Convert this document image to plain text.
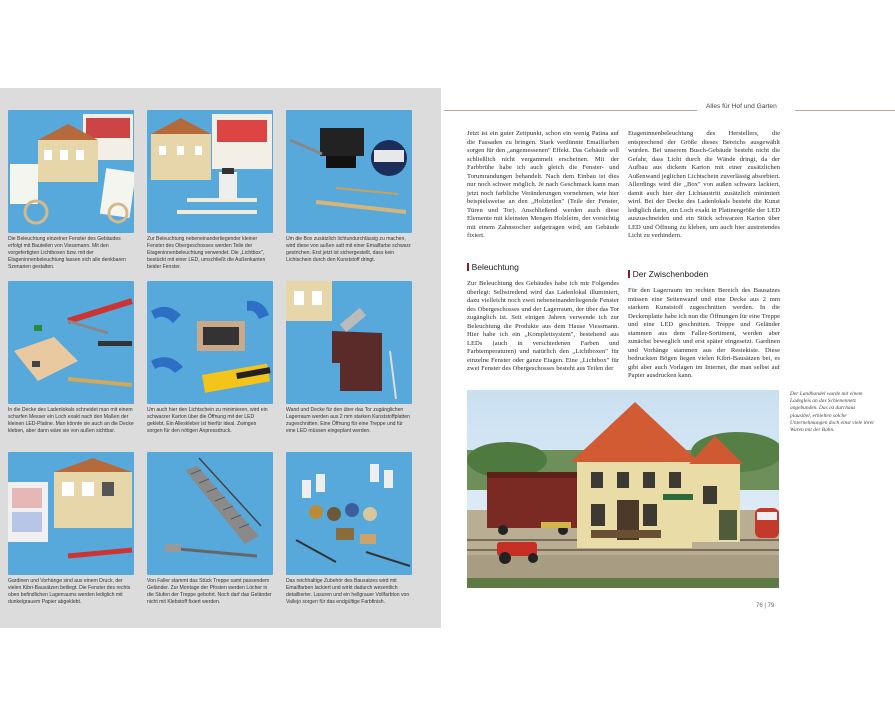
Die Beleuchtung einzelner Fenster des Gebäudes erfolgt mit Bauteilen von Viessmann. Mit den vorgefertigten Lichtboxen bzw. mit der Etageninnenbeleuchtung lassen sich alle denkbaren Szenarien gestalten.
Zur Beleuchtung nebeneinanderliegender kleiner Fenster des Obergeschosses werden Teile der Etageninnenbeleuchtung verwendet. Die „Lichtbox", bestückt mit einer LED, umschließt die Außenkanten beider Fenster.
Um die Box zusätzlich lichtundurchlässig zu machen, wird diese von außen satt mit einer Emailfarbe schwarz gestrichen. Erst jetzt ist sichergestellt, dass kein Lichtschein durch den Kunststoff dringt.
In die Decke des Ladenlokals schneidet man mit einem scharfen Messer ein Loch exakt nach den Maßen der kleinen LED-Platine. Man könnte sie auch an die Decke kleben, aber dann wäre sie von außen sichtbar.
Um auch hier den Lichtschein zu minimieren, wird ein schwarzer Karton über die Öffnung mit der LED geklebt. Ein Alleskleber ist hierfür ideal. Zwingen sorgen für den nötigen Anpressdruck.
Wand und Decke für den über das Tor zugänglichen Lagerraum werden aus 2 mm starken Kunststoffplatten zugeschnitten. Eine Öffnung für eine Treppe und für eine LED müssen eingeplant werden.
Gardinen und Vorhänge sind aus einem Druck, der vielen Kibri-Bausätzen beiliegt. Die Fenster des rechts oben befindlichen Lagerraums werden lediglich mit dunkelgrauem Papier abgeklebt.
Von Faller stammt das Stück Treppe samt passendem Geländer. Zur Montage der Pfosten werden Löcher in die Stufen der Treppe gebohrt. Noch darf das Geländer nicht mit Klebstoff fixiert werden.
Das reichhaltige Zubehör des Bausatzes wird mit Emailfarben lackiert und wirkt dadurch wesentlich detaillierter. Lasuren und ein hellgrauer Vollfarbton von Vallejo sorgen für das endgültige Farbfinish.
Alles für Hof und Garten

Jetzt ist ein guter Zeitpunkt, schon ein wenig Patina auf die Fassaden zu bringen. Stark verdünnte Emailfarben sorgen für den „angemessenen" Effekt. Das Gebäude soll schließlich nicht vergammelt erscheinen. Mit der Farbbrühe habe ich auch gleich die Fenster- und Torumrandungen behandelt. Nach dem Einbau ist dies nur noch schwer möglich. Je nach Geschmack kann man jetzt noch farbliche Veränderungen vornehmen, wie hier beispielsweise an den „Holzteilen" (Teile der Fenster, Türen und Tor). Anschließend werden auch diese Elemente mit kleinsten Mengen Holzleim, der vorsichtig mit einem Zahnstocher aufgetragen wird, am Gebäude fixiert.

Beleuchtung

Zur Beleuchtung des Gebäudes habe ich mir Folgendes überlegt: Selbstredend wird das Ladenlokal illuminiert, dazu vielleicht noch zwei nebeneinanderliegende Fenster des Obergeschosses und der Lagerraum, der über das Tor zugänglich ist. Seit einigen Jahren verwende ich zur Beleuchtung die Produkte aus dem Hause Viessmann. Hier habe ich ein „Komplettsystem", bestehend aus LEDs (auch in verschiedenen Farben und Farbtemperaturen) und natürlich den „Lichtboxen" für einzelne Fenster oder ganze Etagen. Eine „Lichtbox" für zwei Fenster des Obergeschosses besteht aus Teilen der

Etageninnenbeleuchtung des Herstellers, die entsprechend der Größe dieses Bereichs ausgewählt wurden. Bei unserem Busch-Gebäude besteht nicht die Gefahr, dass Licht durch die Wände dringt, da der Aufbau aus dickem Karton mit einer zusätzlichen Außenwand jeglichen Lichtschein zuverlässig absorbiert. Allerdings wird die „Box" von außen schwarz lackiert, damit auch hier der Lichtaustritt zusätzlich minimiert wird. Bei der Decke des Ladenlokals besteht die Kunst lediglich darin, ein Loch exakt in Platinengröße der LED auszuschneiden und ein Stück schwarzen Karton über LED und Öffnung zu kleben, um auch hier austretendes Licht zu verhindern.

Der Zwischenboden

Für den Lagerraum im rechten Bereich des Bausatzes müssen eine Seitenwand und eine Decke aus 2 mm starkem Kunststoff zugeschnitten werden. In die Deckenplatte habe ich nun die Öffnungen für eine Treppe und eine LED geschnitten. Treppe und Geländer stammen aus dem Faller-Sortiment, werden aber zunächst beweglich und erst später eingesetzt. Gardinen und Vorhänge stammen aus der Restekiste. Diese bedruckten Bögen liegen vielen Kibri-Bausätzen bei, es gibt aber auch Vorlagen im Internet, die man selbst auf Papier ausdrucken kann.

Der Landhandel wurde mit einem Ladegleis an das Schienennetz angebunden. Das ist durchaus plausibel, erhielten solche Unternehmungen doch einst viele ihrer Waren mit der Bahn.
76 | 79
